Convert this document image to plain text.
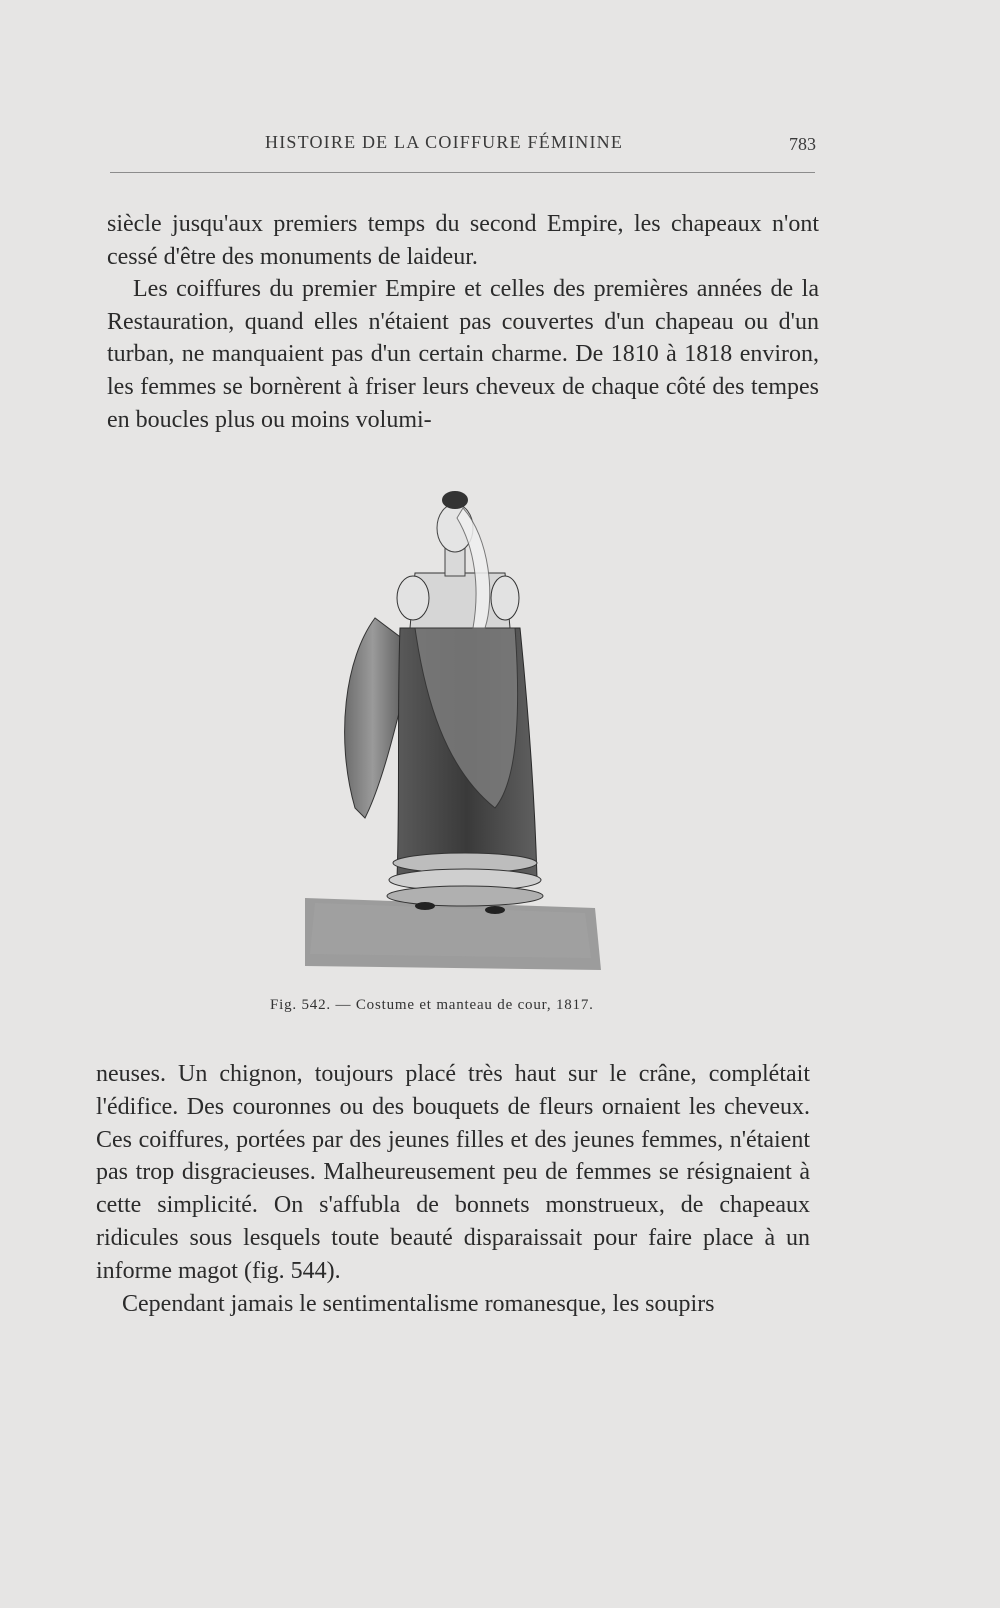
HISTOIRE DE LA COIFFURE FÉMININE	783

siècle jusqu'aux premiers temps du second Empire, les chapeaux n'ont cessé d'être des monuments de laideur.

Les coiffures du premier Empire et celles des premières années de la Restauration, quand elles n'étaient pas couvertes d'un chapeau ou d'un turban, ne manquaient pas d'un certain charme. De 1810 à 1818 environ, les femmes se bornèrent à friser leurs cheveux de chaque côté des tempes en boucles plus ou moins volumi-

Fig. 542. — Costume et manteau de cour, 1817.

neuses. Un chignon, toujours placé très haut sur le crâne, complétait l'édifice. Des couronnes ou des bouquets de fleurs ornaient les cheveux. Ces coiffures, portées par des jeunes filles et des jeunes femmes, n'étaient pas trop disgracieuses. Malheureusement peu de femmes se résignaient à cette simplicité. On s'affubla de bonnets monstrueux, de chapeaux ridicules sous lesquels toute beauté disparaissait pour faire place à un informe magot (fig. 544).

Cependant jamais le sentimentalisme romanesque, les soupirs
